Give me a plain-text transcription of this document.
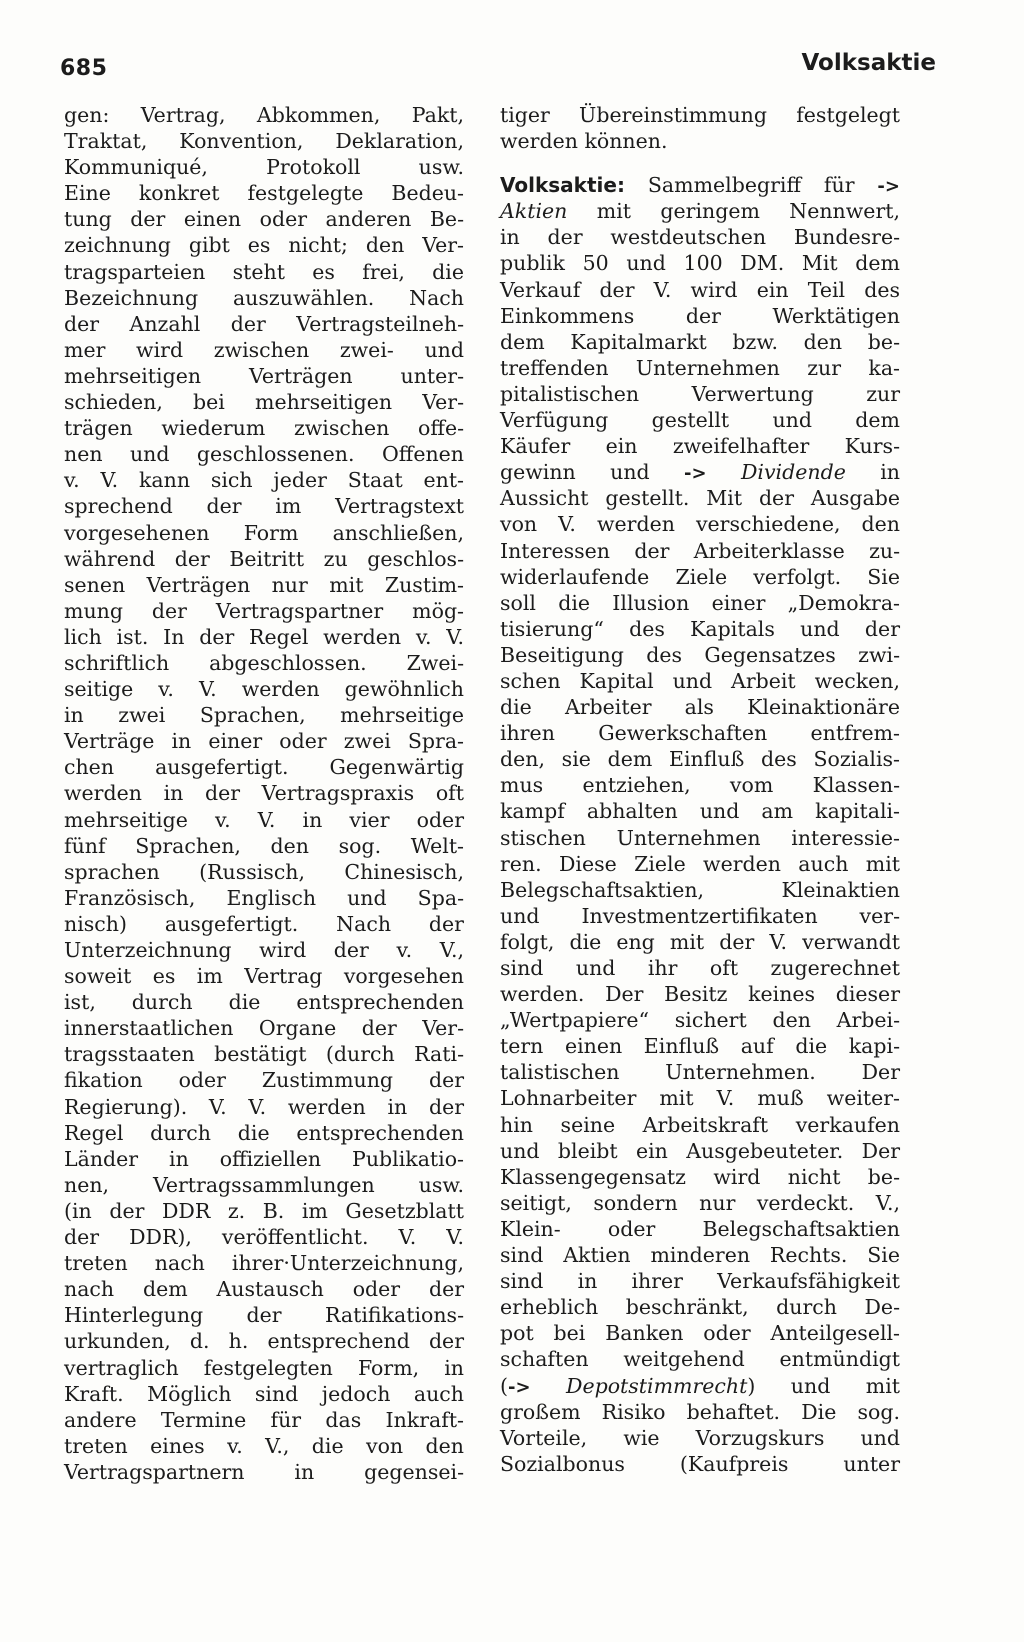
685	Volksaktie
gen: Vertrag, Abkommen, Pakt,
Traktat, Konvention, Deklaration,
Kommuniqué, Protokoll usw.
Eine konkret festgelegte Bedeu-
tung der einen oder anderen Be-
zeichnung gibt es nicht; den Ver-
tragsparteien steht es frei, die
Bezeichnung auszuwählen. Nach
der Anzahl der Vertragsteilneh-
mer wird zwischen zwei- und
mehrseitigen Verträgen unter-
schieden, bei mehrseitigen Ver-
trägen wiederum zwischen offe-
nen und geschlossenen. Offenen
v. V. kann sich jeder Staat ent-
sprechend der im Vertragstext
vorgesehenen Form anschließen,
während der Beitritt zu geschlos-
senen Verträgen nur mit Zustim-
mung der Vertragspartner mög-
lich ist. In der Regel werden v. V.
schriftlich abgeschlossen. Zwei-
seitige v. V. werden gewöhnlich
in zwei Sprachen, mehrseitige
Verträge in einer oder zwei Spra-
chen ausgefertigt. Gegenwärtig
werden in der Vertragspraxis oft
mehrseitige v. V. in vier oder
fünf Sprachen, den sog. Welt-
sprachen (Russisch, Chinesisch,
Französisch, Englisch und Spa-
nisch) ausgefertigt. Nach der
Unterzeichnung wird der v. V.,
soweit es im Vertrag vorgesehen
ist, durch die entsprechenden
innerstaatlichen Organe der Ver-
tragsstaaten bestätigt (durch Rati-
fikation oder Zustimmung der
Regierung). V. V. werden in der
Regel durch die entsprechenden
Länder in offiziellen Publikatio-
nen, Vertragssammlungen usw.
(in der DDR z. B. im Gesetzblatt
der DDR), veröffentlicht. V. V.
treten nach ihrer·Unterzeichnung,
nach dem Austausch oder der
Hinterlegung der Ratifikations-
urkunden, d. h. entsprechend der
vertraglich festgelegten Form, in
Kraft. Möglich sind jedoch auch
andere Termine für das Inkraft-
treten eines v. V., die von den
Vertragspartnern in gegensei-
tiger Übereinstimmung festgelegt
werden können.
Volksaktie: Sammelbegriff für ->
Aktien mit geringem Nennwert,
in der westdeutschen Bundesre-
publik 50 und 100 DM. Mit dem
Verkauf der V. wird ein Teil des
Einkommens der Werktätigen
dem Kapitalmarkt bzw. den be-
treffenden Unternehmen zur ka-
pitalistischen Verwertung zur
Verfügung gestellt und dem
Käufer ein zweifelhafter Kurs-
gewinn und -> Dividende in
Aussicht gestellt. Mit der Ausgabe
von V. werden verschiedene, den
Interessen der Arbeiterklasse zu-
widerlaufende Ziele verfolgt. Sie
soll die Illusion einer „Demokra-
tisierung“ des Kapitals und der
Beseitigung des Gegensatzes zwi-
schen Kapital und Arbeit wecken,
die Arbeiter als Kleinaktionäre
ihren Gewerkschaften entfrem-
den, sie dem Einfluß des Sozialis-
mus entziehen, vom Klassen-
kampf abhalten und am kapitali-
stischen Unternehmen interessie-
ren. Diese Ziele werden auch mit
Belegschaftsaktien, Kleinaktien
und Investmentzertifikaten ver-
folgt, die eng mit der V. verwandt
sind und ihr oft zugerechnet
werden. Der Besitz keines dieser
„Wertpapiere“ sichert den Arbei-
tern einen Einfluß auf die kapi-
talistischen Unternehmen. Der
Lohnarbeiter mit V. muß weiter-
hin seine Arbeitskraft verkaufen
und bleibt ein Ausgebeuteter. Der
Klassengegensatz wird nicht be-
seitigt, sondern nur verdeckt. V.,
Klein- oder Belegschaftsaktien
sind Aktien minderen Rechts. Sie
sind in ihrer Verkaufsfähigkeit
erheblich beschränkt, durch De-
pot bei Banken oder Anteilgesell-
schaften weitgehend entmündigt
(-> Depotstimmrecht) und mit
großem Risiko behaftet. Die sog.
Vorteile, wie Vorzugskurs und
Sozialbonus (Kaufpreis unter
